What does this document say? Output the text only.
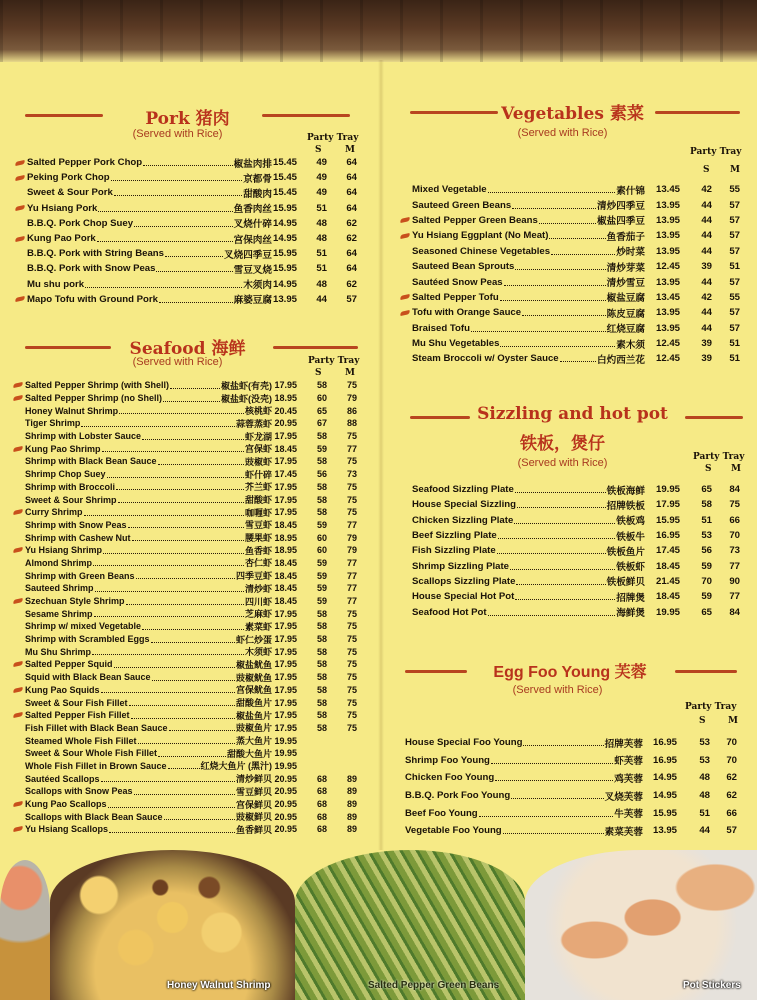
Pork 猪肉
(Served with Rice)	Party Tray
S	M
Salted Pepper Pork Chop	椒盐肉排 15.45	49	64
Peking Pork Chop	京都骨 15.45	49	64
Sweet & Sour Pork	甜酸肉 15.45	49	64
Yu Hsiang Pork	鱼香肉丝 15.95	51	64
B.B.Q. Pork Chop Suey	叉烧什碎 14.95	48	62
Kung Pao Pork	宫保肉丝 14.95	48	62
B.B.Q. Pork with String Beans	叉烧四季豆 15.95	51	64
B.B.Q. Pork with Snow Peas	雪豆叉烧 15.95	51	64
Mu shu pork	木须肉 14.95	48	62
Mapo Tofu with Ground Pork	麻婆豆腐 13.95	44	57
Seafood 海鲜
(Served with Rice)	Party Tray
S	M
Salted Pepper Shrimp (with Shell)	椒盐虾(有壳) 17.95	58	75
Salted Pepper Shrimp (no Shell)	椒盐虾(没壳) 18.95	60	79
Honey Walnut Shrimp	核桃虾 20.45	65	86
Tiger Shrimp	蒜蓉蒸虾 20.95	67	88
Shrimp with Lobster Sauce	虾龙湖 17.95	58	75
Kung Pao Shrimp	宫保虾 18.45	59	77
Shrimp with Black Bean Sauce	豉椒虾 17.95	58	75
Shrimp Chop Suey	虾什碎 17.45	56	73
Shrimp with Broccoli	芥兰虾 17.95	58	75
Sweet & Sour Shrimp	甜酸虾 17.95	58	75
Curry Shrimp	咖喱虾 17.95	58	75
Shrimp with Snow Peas	雪豆虾 18.45	59	77
Shrimp with Cashew Nut	腰果虾 18.95	60	79
Yu Hsiang Shrimp	鱼香虾 18.95	60	79
Almond Shrimp	杏仁虾 18.45	59	77
Shrimp with Green Beans	四季豆虾 18.45	59	77
Sauteed Shrimp	清炒虾 18.45	59	77
Szechuan Style Shrimp	四川虾 18.45	59	77
Sesame Shrimp	芝麻虾 17.95	58	75
Shrimp w/ mixed Vegetable	素菜虾 17.95	58	75
Shrimp with Scrambled Eggs	虾仁炒蛋 17.95	58	75
Mu Shu Shrimp	木须虾 17.95	58	75
Salted Pepper Squid	椒盐鱿鱼 17.95	58	75
Squid with Black Bean Sauce	豉椒鱿鱼 17.95	58	75
Kung Pao Squids	宫保鱿鱼 17.95	58	75
Sweet & Sour Fish Fillet	甜酸鱼片 17.95	58	75
Salted Pepper Fish Fillet	椒盐鱼片 17.95	58	75
Fish Fillet with Black Bean Sauce	豉椒鱼片 17.95	58	75
Steamed Whole Fish Fillet	蒸大鱼片 19.95
Sweet & Sour Whole Fish Fillet	甜酸大鱼片 19.95
Whole Fish Fillet in Brown Sauce	红烧大鱼片 (黑汁) 19.95
Sautéed Scallops	清炒鲜贝 20.95	68	89
Scallops with Snow Peas	雪豆鲜贝 20.95	68	89
Kung Pao Scallops	宫保鲜贝 20.95	68	89
Scallops with Black Bean Sauce	豉椒鲜贝 20.95	68	89
Yu Hsiang Scallops	鱼香鲜贝 20.95	68	89
Vegetables 素菜
(Served with Rice)
Party Tray
S M
Mixed Vegetable	素什锦	13.45	42	55
Sauteed Green Beans	清炒四季豆	13.95	44	57
Salted Pepper Green Beans	椒盐四季豆	13.95	44	57
Yu Hsiang Eggplant (No Meat)	鱼香茄子	13.95	44	57
Seasoned Chinese Vegetables	炒时菜	13.95	44	57
Sauteed Bean Sprouts	清炒芽菜	12.45	39	51
Sautéed Snow Peas	清炒雪豆	13.95	44	57
Salted Pepper Tofu	椒盐豆腐	13.45	42	55
Tofu with Orange Sauce	陈皮豆腐	13.95	44	57
Braised Tofu	红烧豆腐	13.95	44	57
Mu Shu Vegetables	素木须	12.45	39	51
Steam Broccoli w/ Oyster Sauce	白灼西兰花	12.45	39	51
Sizzling and hot pot
铁板，煲仔
(Served with Rice)	Party Tray
S M
Seafood Sizzling Plate	铁板海鲜	19.95	65	84
House Special Sizzling	招牌铁板	17.95	58	75
Chicken Sizzling Plate	铁板鸡	15.95	51	66
Beef Sizzling Plate	铁板牛	16.95	53	70
Fish Sizzling Plate	铁板鱼片	17.45	56	73
Shrimp Sizzling Plate	铁板虾	18.45	59	77
Scallops Sizzling Plate	铁板鲜贝	21.45	70	90
House Special Hot Pot	招牌煲	18.45	59	77
Seafood Hot Pot	海鲜煲	19.95	65	84
Egg Foo Young 芙蓉
(Served with Rice)
Party Tray
S	M
House Special Foo Young	招牌芙蓉	16.95	53	70
Shrimp Foo Young	虾芙蓉	16.95	53	70
Chicken Foo Young	鸡芙蓉	14.95	48	62
B.B.Q. Pork Foo Young	叉烧芙蓉	14.95	48	62
Beef Foo Young	牛芙蓉	15.95	51	66
Vegetable Foo Young	素菜芙蓉	13.95	44	57
Honey Walnut Shrimp	Salted Pepper Green Beans	Pot Stickers
